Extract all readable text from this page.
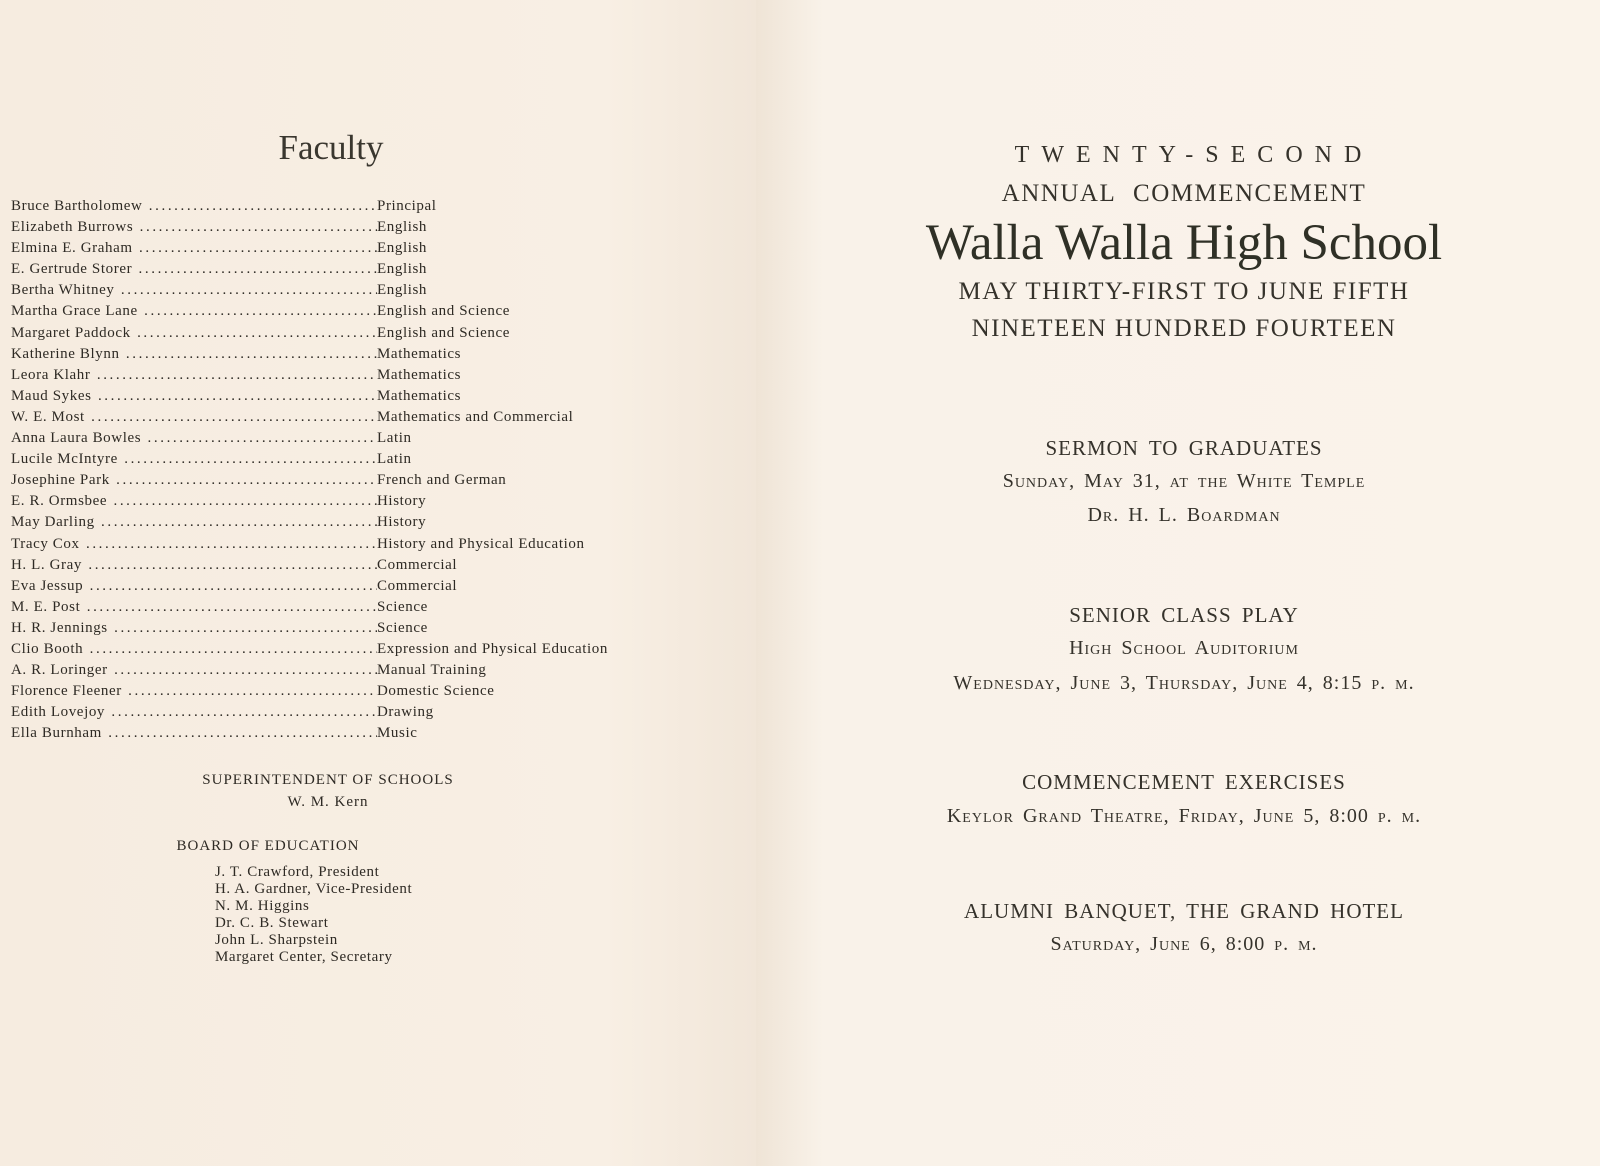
Faculty
Bruce Bartholomew .....	Principal
Elizabeth Burrows .....	English
Elmina E. Graham .....	English
E. Gertrude Storer .....	English
Bertha Whitney .....	English
Martha Grace Lane .....	English and Science
Margaret Paddock .....	English and Science
Katherine Blynn .....	Mathematics
Leora Klahr .....	Mathematics
Maud Sykes .....	Mathematics
W. E. Most .....	Mathematics and Commercial
Anna Laura Bowles .....	Latin
Lucile McIntyre .....	Latin
Josephine Park .....	French and German
E. R. Ormsbee .....	History
May Darling .....	History
Tracy Cox .....	History and Physical Education
H. L. Gray .....	Commercial
Eva Jessup .....	Commercial
M. E. Post .....	Science
H. R. Jennings .....	Science
Clio Booth .....	Expression and Physical Education
A. R. Loringer .....	Manual Training
Florence Fleener .....	Domestic Science
Edith Lovejoy .....	Drawing
Ella Burnham .....	Music
SUPERINTENDENT OF SCHOOLS
W. M. Kern
BOARD OF EDUCATION
J. T. Crawford, President
H. A. Gardner, Vice-President
N. M. Higgins
Dr. C. B. Stewart
John L. Sharpstein
Margaret Center, Secretary
TWENTY-SECOND
ANNUAL COMMENCEMENT
Walla Walla High School
MAY THIRTY-FIRST TO JUNE FIFTH
NINETEEN HUNDRED FOURTEEN
SERMON TO GRADUATES
Sunday, May 31, at the White Temple
Dr. H. L. Boardman
SENIOR CLASS PLAY
High School Auditorium
Wednesday, June 3, Thursday, June 4, 8:15 p. m.
COMMENCEMENT EXERCISES
Keylor Grand Theatre, Friday, June 5, 8:00 p. m.
ALUMNI BANQUET, THE GRAND HOTEL
Saturday, June 6, 8:00 p. m.
